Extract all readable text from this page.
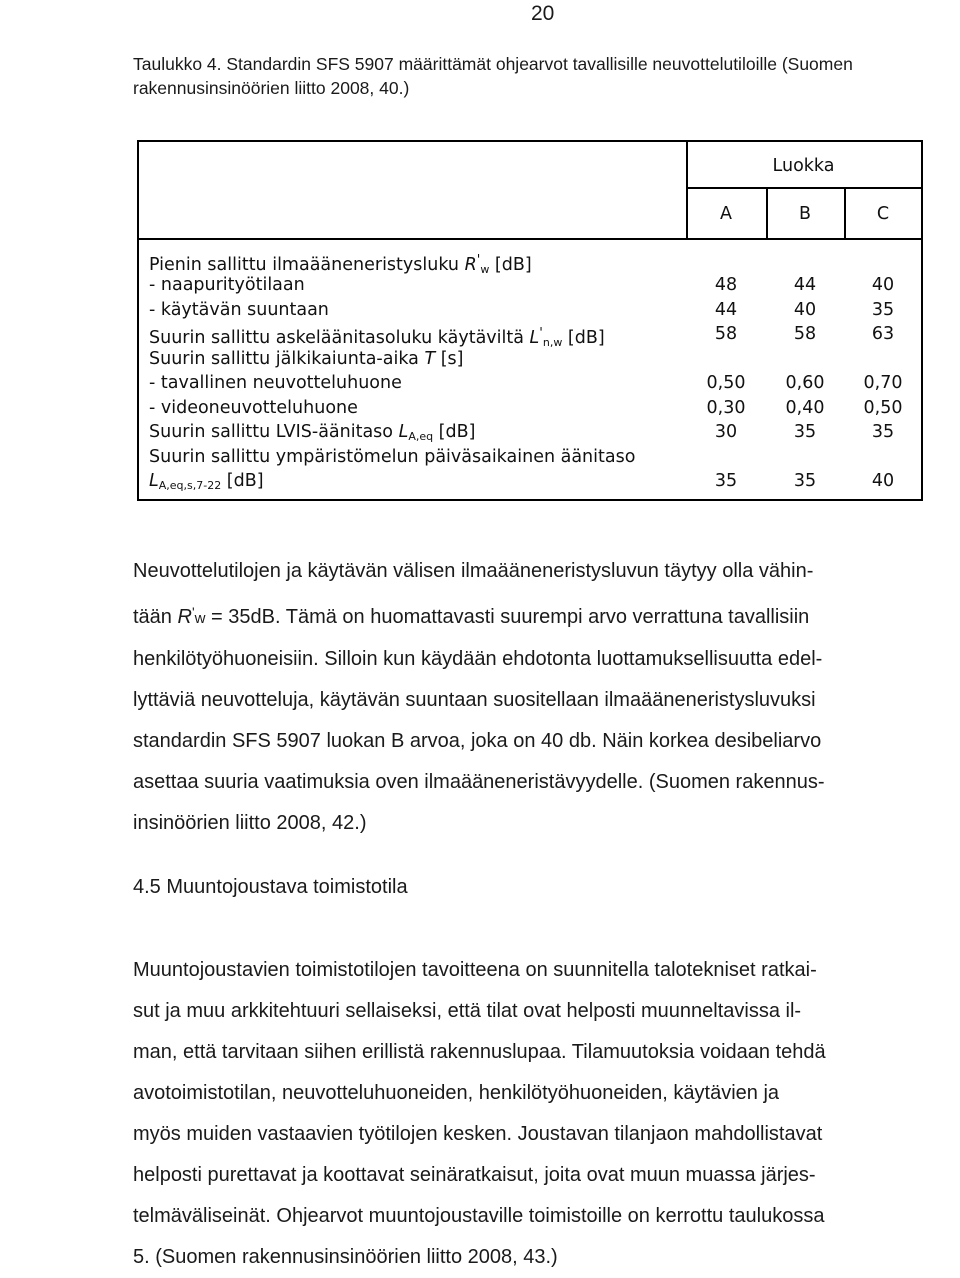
20
Taulukko 4. Standardin SFS 5907 määrittämät ohjearvot tavallisille neuvottelutiloille (Suomen rakennusinsinöörien liitto 2008, 40.)
Luokka
A	B	C
Pienin sallittu ilmaääneneristysluku $R'_w$ [dB]
- naapurityötilaan	48	44	40
- käytävän suuntaan	44	40	35
Suurin sallittu askeläänitasoluku käytäviltä $L'_{n,w}$ [dB]	58	58	63
Suurin sallittu jälkikaiunta-aika T [s]
- tavallinen neuvotteluhuone	0,50	0,60	0,70
- videoneuvotteluhuone	0,30	0,40	0,50
Suurin sallittu LVIS-äänitaso $L_{A,eq}$ [dB]	30	35	35
Suurin sallittu ympäristömelun päiväsaikainen äänitaso
$L_{A,eq,s,7-22}$ [dB]	35	35	40

Neuvottelutilojen ja käytävän välisen ilmaääneneristysluvun täytyy olla vähin-

tään R'w = 35dB. Tämä on huomattavasti suurempi arvo verrattuna tavallisiin

henkilötyöhuoneisiin. Silloin kun käydään ehdotonta luottamuksellisuutta edel-

lyttäviä neuvotteluja, käytävän suuntaan suositellaan ilmaääneneristysluvuksi

standardin SFS 5907 luokan B arvoa, joka on 40 db. Näin korkea desibeliarvo

asettaa suuria vaatimuksia oven ilmaääneneristävyydelle. (Suomen rakennus-

insinöörien liitto 2008, 42.)

4.5 Muuntojoustava toimistotila

Muuntojoustavien toimistotilojen tavoitteena on suunnitella talotekniset ratkai-

sut ja muu arkkitehtuuri sellaiseksi, että tilat ovat helposti muunneltavissa il-

man, että tarvitaan siihen erillistä rakennuslupaa. Tilamuutoksia voidaan tehdä

avotoimistotilan, neuvotteluhuoneiden, henkilötyöhuoneiden, käytävien ja

myös muiden vastaavien työtilojen kesken. Joustavan tilanjaon mahdollistavat

helposti purettavat ja koottavat seinäratkaisut, joita ovat muun muassa järjes-

telmäväliseinät. Ohjearvot muuntojoustaville toimistoille on kerrottu taulukossa

5. (Suomen rakennusinsinöörien liitto 2008, 43.)
